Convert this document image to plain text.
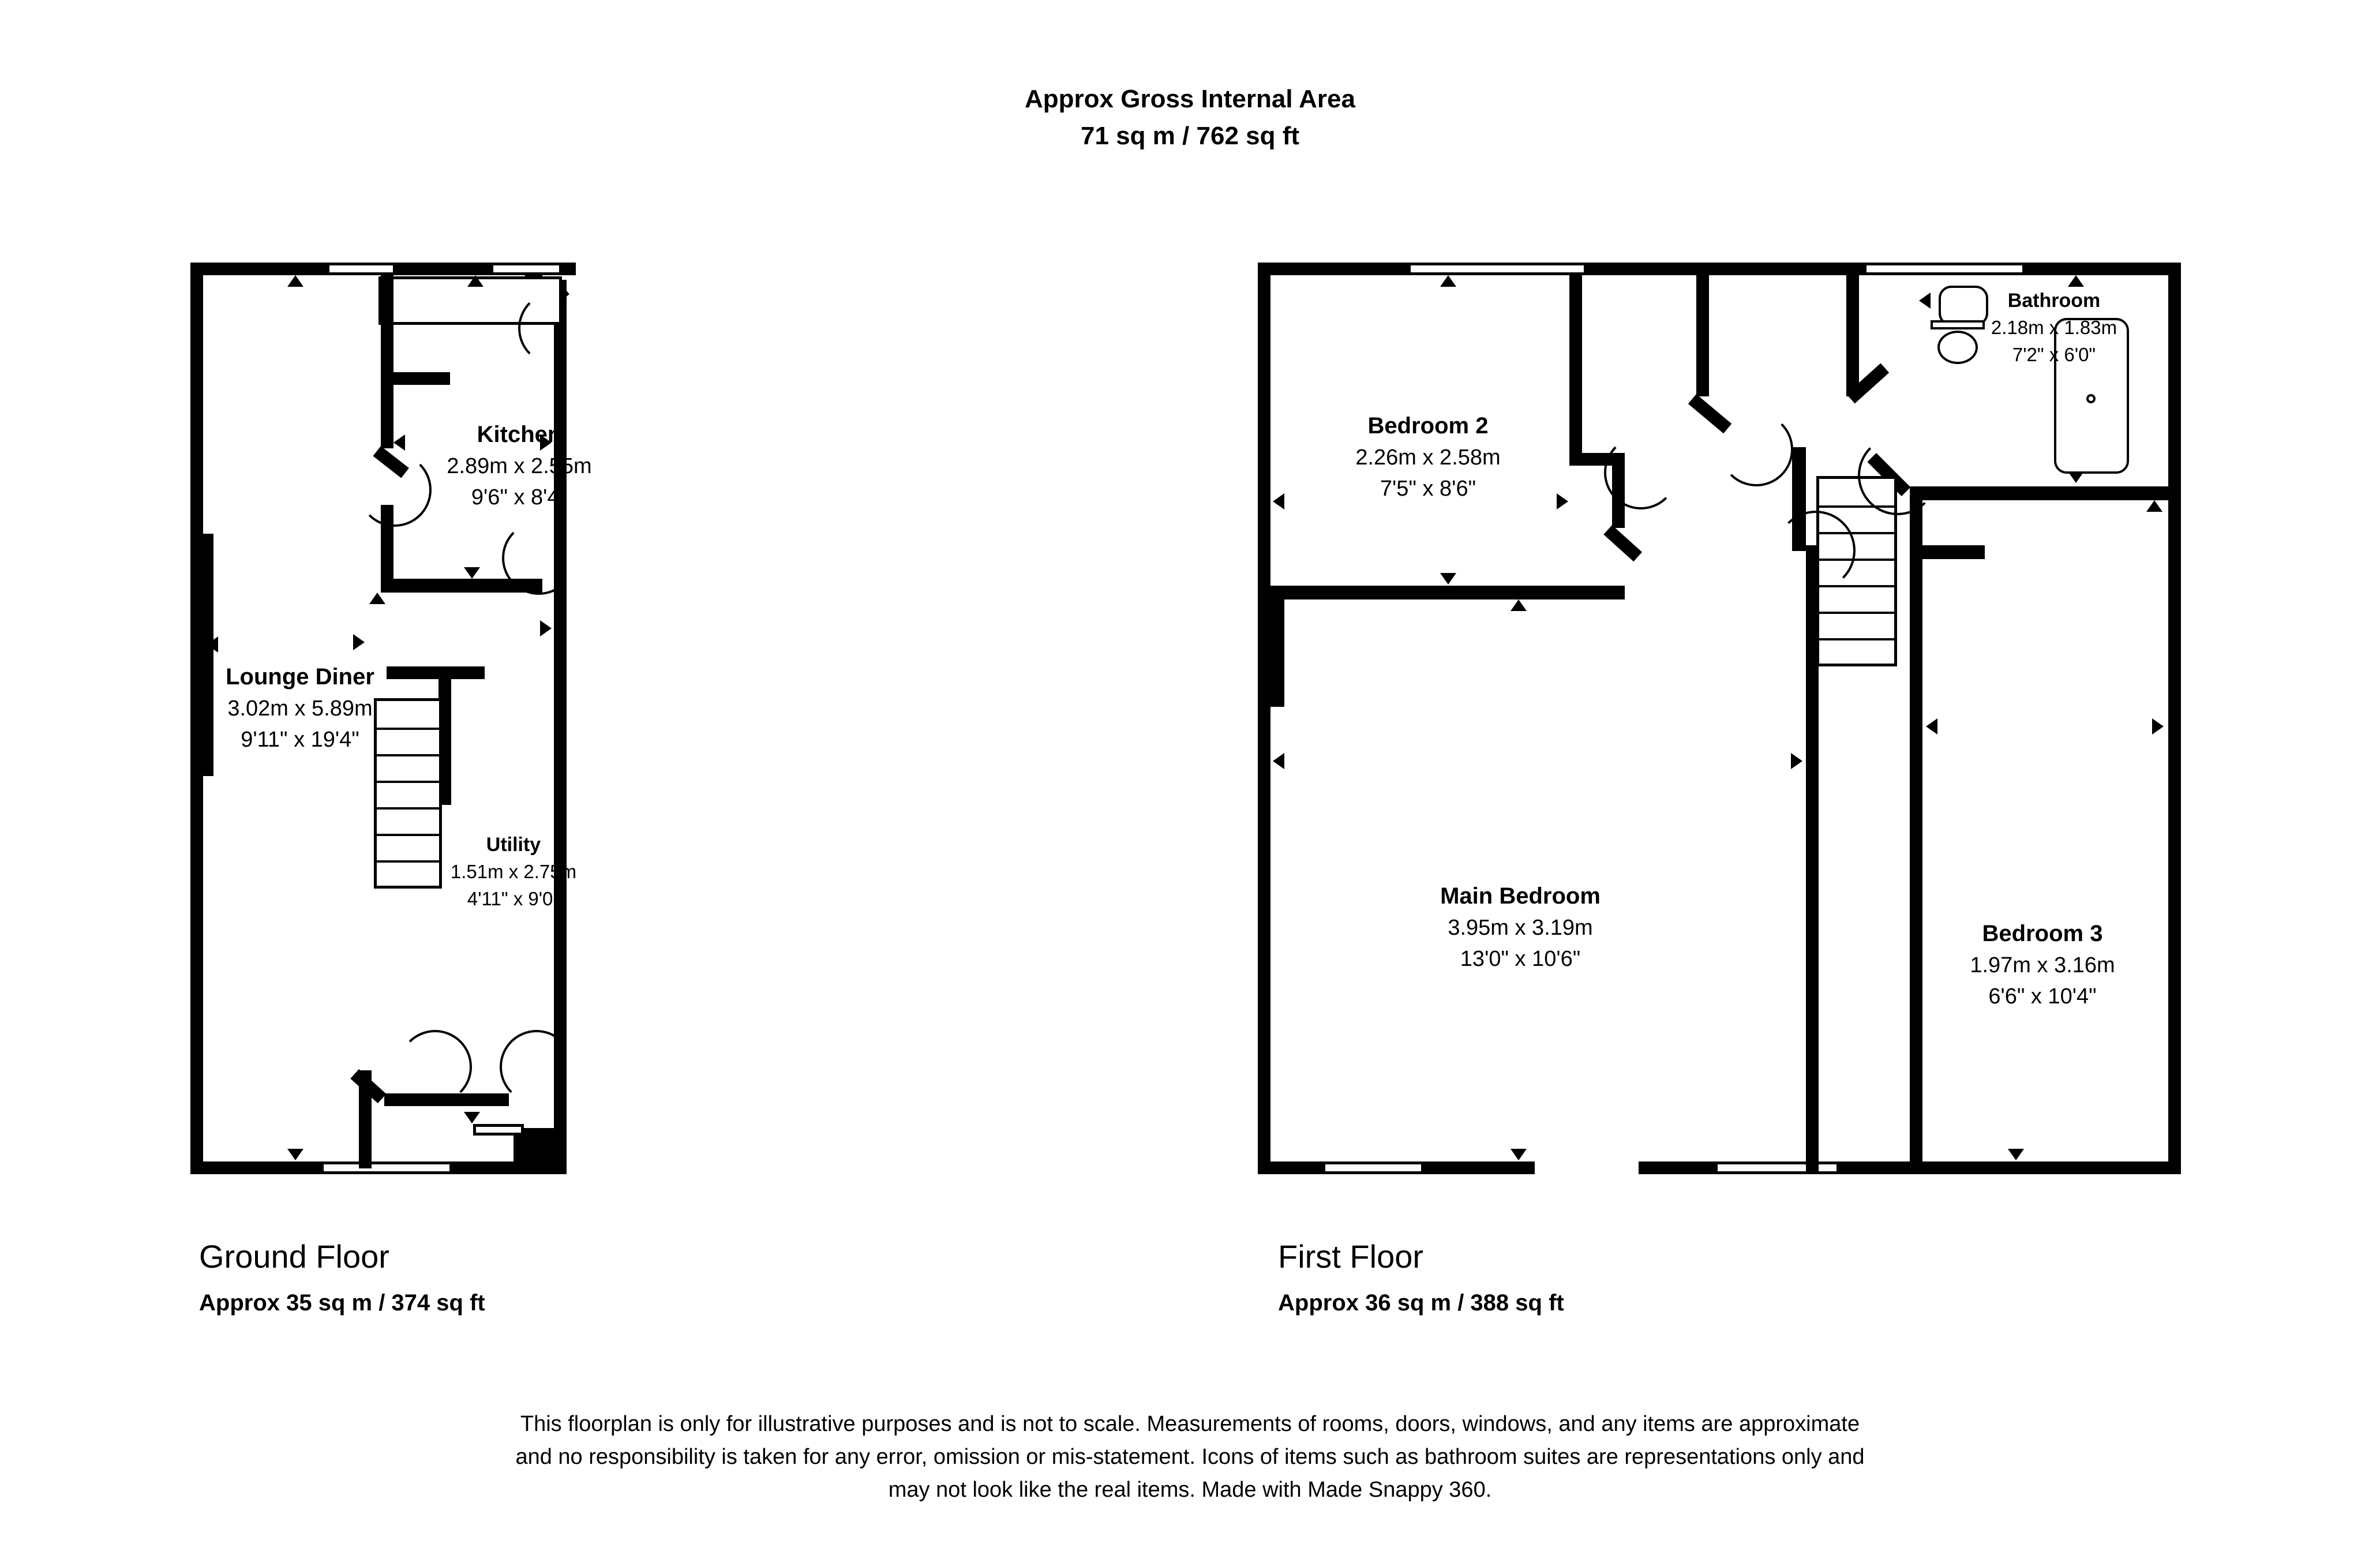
Approx Gross Internal Area
71 sq m / 762 sq ft
Kitchen
2.89m x 2.55m
9'6" x 8'4"
Lounge Diner
3.02m x 5.89m
9'11" x 19'4"
Utility
1.51m x 2.75m
4'11" x 9'0"
Bedroom 2
2.26m x 2.58m
7'5" x 8'6"
Bathroom
2.18m x 1.83m
7'2" x 6'0"
Main Bedroom
3.95m x 3.19m
13'0" x 10'6"
Bedroom 3
1.97m x 3.16m
6'6" x 10'4"
Ground Floor
Approx 35 sq m / 374 sq ft
First Floor
Approx 36 sq m / 388 sq ft
This floorplan is only for illustrative purposes and is not to scale. Measurements of rooms, doors, windows, and any items are approximate
and no responsibility is taken for any error, omission or mis-statement. Icons of items such as bathroom suites are representations only and
may not look like the real items. Made with Made Snappy 360.
